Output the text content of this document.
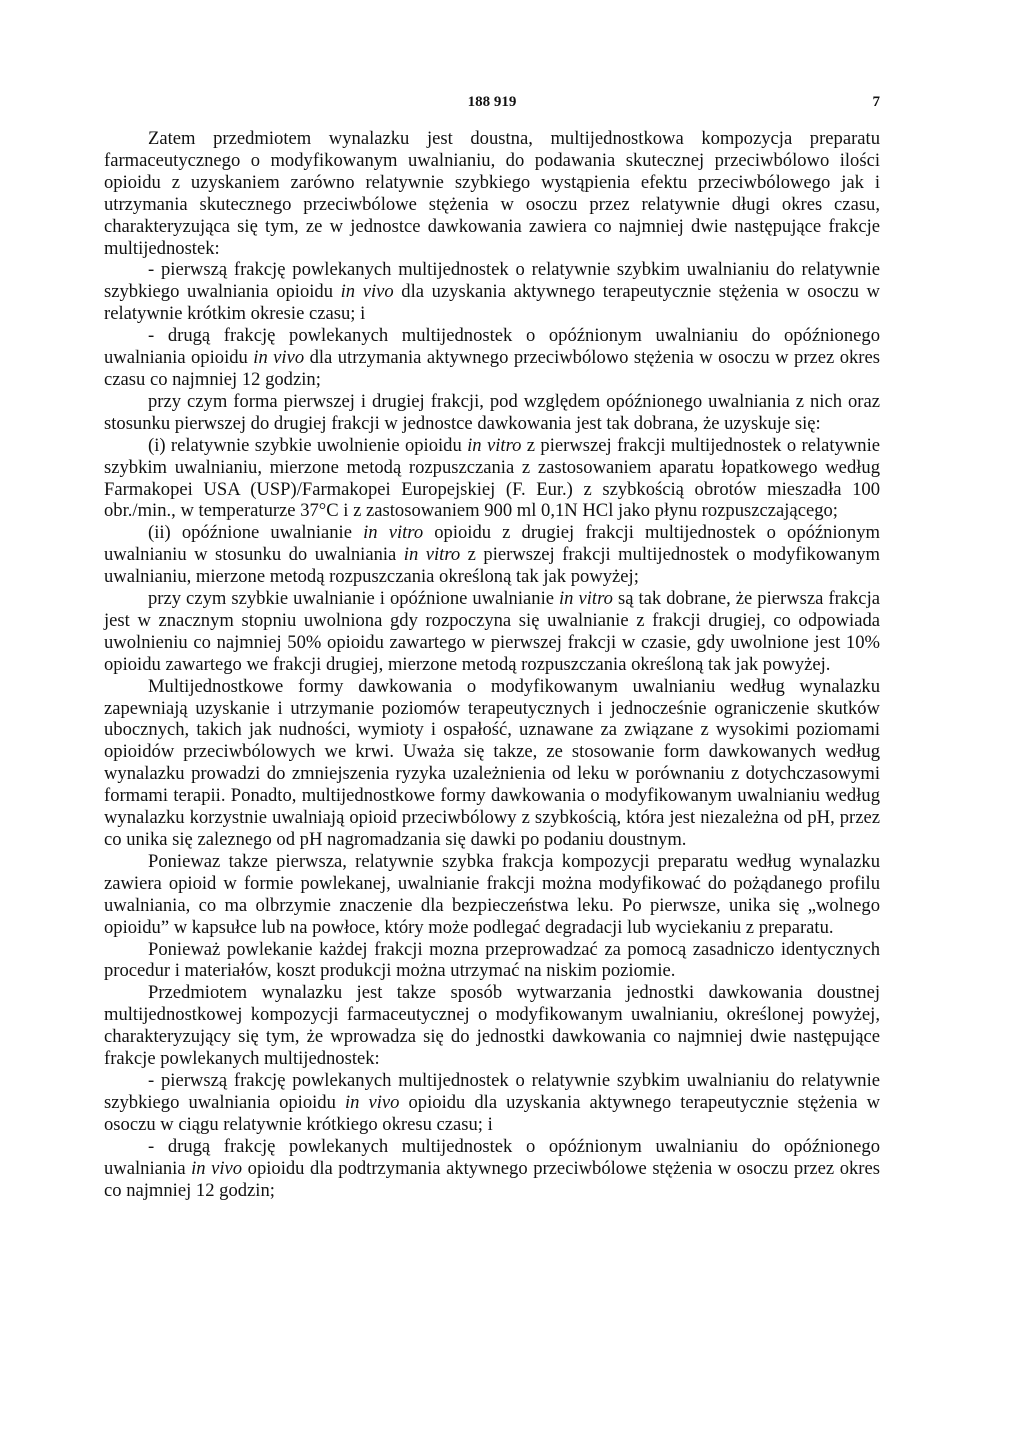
188 919	7

Zatem przedmiotem wynalazku jest doustna, multijednostkowa kompozycja preparatu farmaceutycznego o modyfikowanym uwalnianiu, do podawania skutecznej przeciwbólowo ilości opioidu z uzyskaniem zarówno relatywnie szybkiego wystąpienia efektu przeciwbólowego jak i utrzymania skutecznego przeciwbólowe stężenia w osoczu przez relatywnie długi okres czasu, charakteryzująca się tym, ze w jednostce dawkowania zawiera co najmniej dwie następujące frakcje multijednostek:

- pierwszą frakcję powlekanych multijednostek o relatywnie szybkim uwalnianiu do relatywnie szybkiego uwalniania opioidu in vivo dla uzyskania aktywnego terapeutycznie stężenia w osoczu w relatywnie krótkim okresie czasu; i

- drugą frakcję powlekanych multijednostek o opóźnionym uwalnianiu do opóźnionego uwalniania opioidu in vivo dla utrzymania aktywnego przeciwbólowo stężenia w osoczu w przez okres czasu co najmniej 12 godzin;

przy czym forma pierwszej i drugiej frakcji, pod względem opóźnionego uwalniania z nich oraz stosunku pierwszej do drugiej frakcji w jednostce dawkowania jest tak dobrana, że uzyskuje się:

(i) relatywnie szybkie uwolnienie opioidu in vitro z pierwszej frakcji multijednostek o relatywnie szybkim uwalnianiu, mierzone metodą rozpuszczania z zastosowaniem aparatu łopatkowego według Farmakopei USA (USP)/Farmakopei Europejskiej (F. Eur.) z szybkością obrotów mieszadła 100 obr./min., w temperaturze 37°C i z zastosowaniem 900 ml 0,1N HCl jako płynu rozpuszczającego;

(ii) opóźnione uwalnianie in vitro opioidu z drugiej frakcji multijednostek o opóźnionym uwalnianiu w stosunku do uwalniania in vitro z pierwszej frakcji multijednostek o modyfikowanym uwalnianiu, mierzone metodą rozpuszczania określoną tak jak powyżej;

przy czym szybkie uwalnianie i opóźnione uwalnianie in vitro są tak dobrane, że pierwsza frakcja jest w znacznym stopniu uwolniona gdy rozpoczyna się uwalnianie z frakcji drugiej, co odpowiada uwolnieniu co najmniej 50% opioidu zawartego w pierwszej frakcji w czasie, gdy uwolnione jest 10% opioidu zawartego we frakcji drugiej, mierzone metodą rozpuszczania określoną tak jak powyżej.

Multijednostkowe formy dawkowania o modyfikowanym uwalnianiu według wynalazku zapewniają uzyskanie i utrzymanie poziomów terapeutycznych i jednocześnie ograniczenie skutków ubocznych, takich jak nudności, wymioty i ospałość, uznawane za związane z wysokimi poziomami opioidów przeciwbólowych we krwi. Uważa się takze, ze stosowanie form dawkowanych według wynalazku prowadzi do zmniejszenia ryzyka uzależnienia od leku w porównaniu z dotychczasowymi formami terapii. Ponadto, multijednostkowe formy dawkowania o modyfikowanym uwalnianiu według wynalazku korzystnie uwalniają opioid przeciwbólowy z szybkością, która jest niezależna od pH, przez co unika się zaleznego od pH nagromadzania się dawki po podaniu doustnym.

Poniewaz takze pierwsza, relatywnie szybka frakcja kompozycji preparatu według wynalazku zawiera opioid w formie powlekanej, uwalnianie frakcji można modyfikować do pożądanego profilu uwalniania, co ma olbrzymie znaczenie dla bezpieczeństwa leku. Po pierwsze, unika się „wolnego opioidu” w kapsułce lub na powłoce, który może podlegać degradacji lub wyciekaniu z preparatu.

Ponieważ powlekanie każdej frakcji mozna przeprowadzać za pomocą zasadniczo identycznych procedur i materiałów, koszt produkcji można utrzymać na niskim poziomie.

Przedmiotem wynalazku jest takze sposób wytwarzania jednostki dawkowania doustnej multijednostkowej kompozycji farmaceutycznej o modyfikowanym uwalnianiu, określonej powyżej, charakteryzujący się tym, że wprowadza się do jednostki dawkowania co najmniej dwie następujące frakcje powlekanych multijednostek:

- pierwszą frakcję powlekanych multijednostek o relatywnie szybkim uwalnianiu do relatywnie szybkiego uwalniania opioidu in vivo opioidu dla uzyskania aktywnego terapeutycznie stężenia w osoczu w ciągu relatywnie krótkiego okresu czasu; i

- drugą frakcję powlekanych multijednostek o opóźnionym uwalnianiu do opóźnionego uwalniania in vivo opioidu dla podtrzymania aktywnego przeciwbólowe stężenia w osoczu przez okres co najmniej 12 godzin;
